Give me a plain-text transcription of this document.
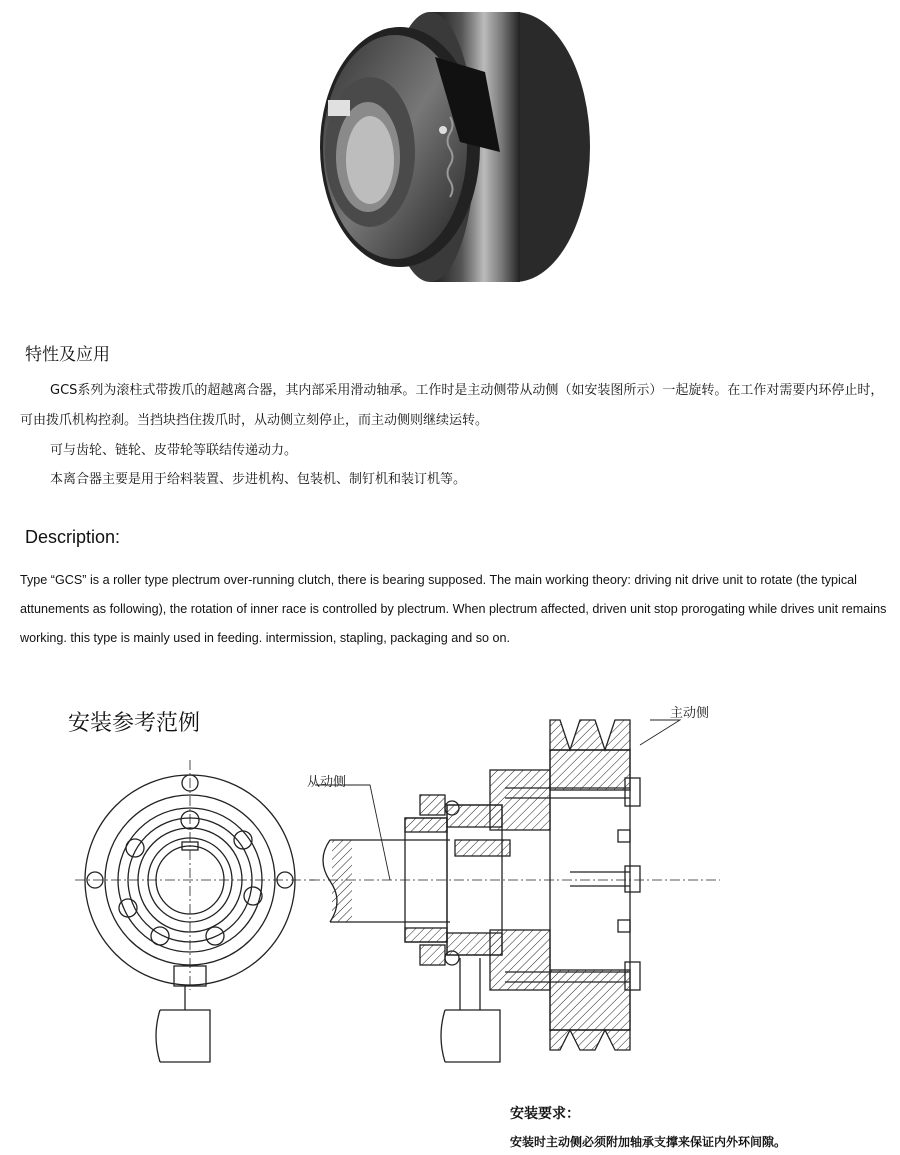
特性及应用

GCS系列为滚柱式带拨爪的超越离合器，其内部采用滑动轴承。工作时是主动侧带从动侧（如安装图所示）一起旋转。在工作对需要内环停止时，可由拨爪机构控刹。当挡块挡住拨爪时，从动侧立刻停止，而主动侧则继续运转。

可与齿轮、链轮、皮带轮等联结传递动力。

本离合器主要是用于给料装置、步进机构、包装机、制钉机和装订机等。

Description:

Type “GCS” is a roller type plectrum over-running clutch, there is bearing supposed. The main working theory: driving nit drive unit to rotate (the typical attunements as following), the rotation of inner race is controlled by plectrum. When plectrum affected, driven unit stop prorogating while drives unit remains working. this type is mainly used in feeding. intermission, stapling, packaging and so on.

安装参考范例
从动侧
主动侧
安装要求：

安装时主动侧必须附加轴承支撑来保证内外环间隙。
